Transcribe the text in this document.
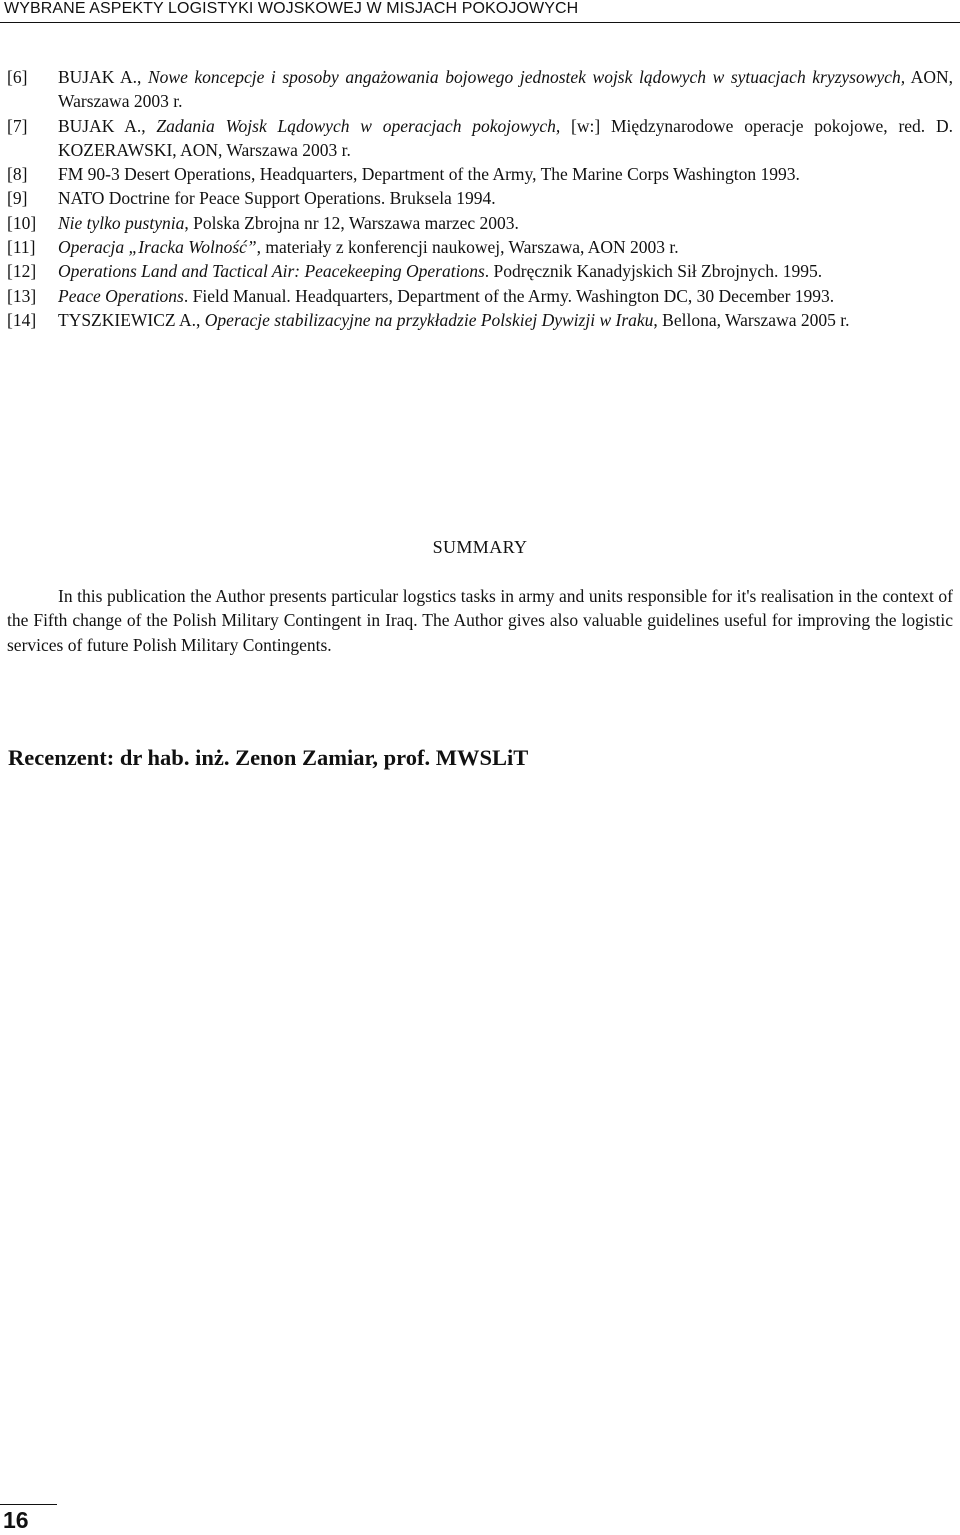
WYBRANE ASPEKTY LOGISTYKI WOJSKOWEJ W MISJACH POKOJOWYCH
[6] BUJAK A., Nowe koncepcje i sposoby angażowania bojowego jednostek wojsk lądowych w sytuacjach kryzysowych, AON, Warszawa 2003 r.
[7] BUJAK A., Zadania Wojsk Lądowych w operacjach pokojowych, [w:] Międzynarodowe operacje pokojowe, red. D. KOZERAWSKI, AON, Warszawa 2003 r.
[8] FM 90-3 Desert Operations, Headquarters, Department of the Army, The Marine Corps Washington 1993.
[9] NATO Doctrine for Peace Support Operations. Bruksela 1994.
[10] Nie tylko pustynia, Polska Zbrojna nr 12, Warszawa marzec 2003.
[11] Operacja „Iracka Wolność”, materiały z konferencji naukowej, Warszawa, AON 2003 r.
[12] Operations Land and Tactical Air: Peacekeeping Operations. Podręcznik Kanadyjskich Sił Zbrojnych. 1995.
[13] Peace Operations. Field Manual. Headquarters, Department of the Army. Washington DC, 30 December 1993.
[14] TYSZKIEWICZ A., Operacje stabilizacyjne na przykładzie Polskiej Dywizji w Iraku, Bellona, Warszawa 2005 r.
SUMMARY
In this publication the Author presents particular logstics tasks in army and units responsible for it's realisation in the context of the Fifth change of the Polish Military Contingent in Iraq. The Author gives also valuable guidelines useful for improving the logistic services of future Polish Military Contingents.
Recenzent: dr hab. inż. Zenon Zamiar, prof. MWSLiT
16
